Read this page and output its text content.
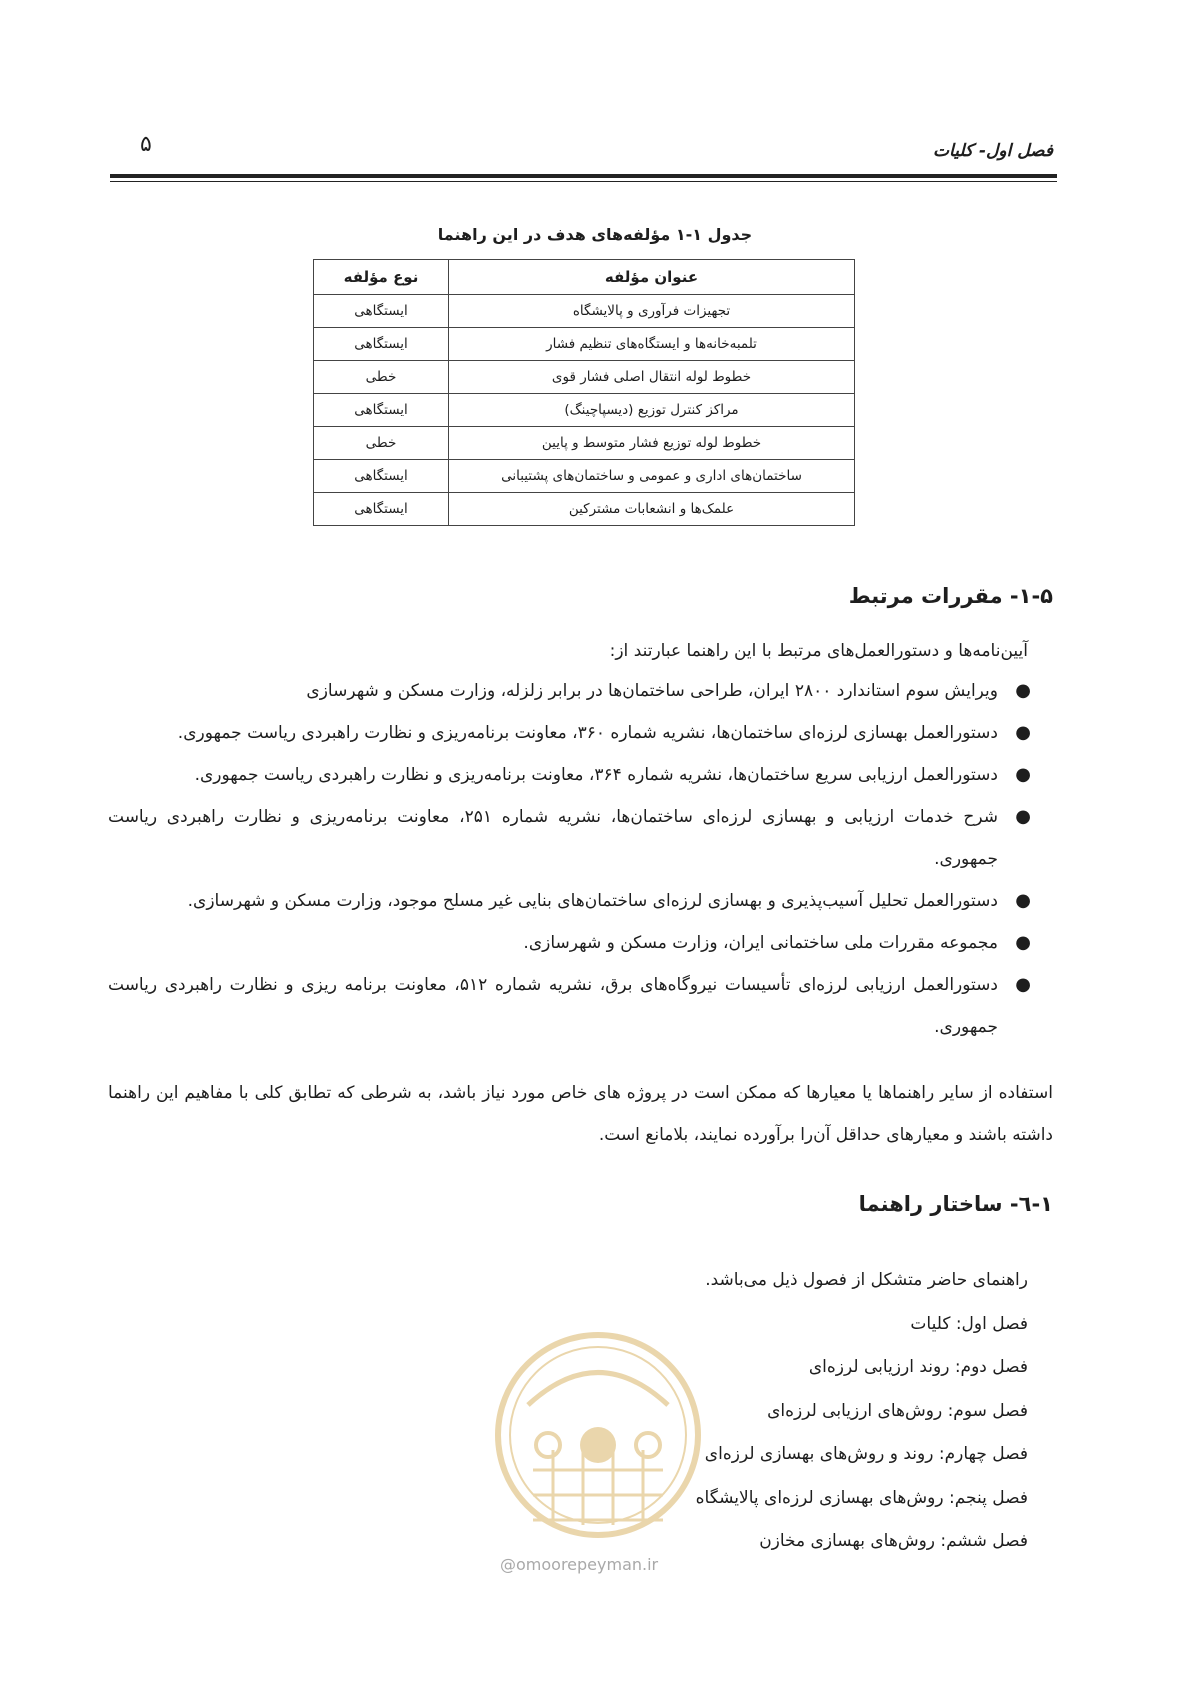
۵	فصل اول- کلیات
جدول ۱-۱ مؤلفه‌های هدف در این راهنما
عنوان مؤلفه	نوع مؤلفه
تجهیزات فرآوری و پالایشگاه	ایستگاهی
تلمبه‌خانه‌ها و ایستگاه‌های تنظیم فشار	ایستگاهی
خطوط لوله انتقال اصلی فشار قوی	خطی
مراکز کنترل توزیع (دیسپاچینگ)	ایستگاهی
خطوط لوله توزیع فشار متوسط و پایین	خطی
ساختمان‌های اداری و عمومی و ساختمان‌های پشتیبانی	ایستگاهی
علمک‌ها و انشعابات مشترکین	ایستگاهی
۱-۵- مقررات مرتبط
آیین‌نامه‌ها و دستورالعمل‌های مرتبط با این راهنما عبارتند از:
●
ویرایش سوم استاندارد ۲۸۰۰ ایران، طراحی ساختمان‌ها در برابر زلزله، وزارت مسکن و شهرسازی
●
دستورالعمل بهسازی لرزه‌ای ساختمان‌ها، نشریه شماره ۳۶۰، معاونت برنامه‌ریزی و نظارت راهبردی ریاست جمهوری.
●
دستورالعمل ارزیابی سریع ساختمان‌ها، نشریه شماره ۳۶۴، معاونت برنامه‌ریزی و نظارت راهبردی ریاست جمهوری.
●
شرح خدمات ارزیابی و بهسازی لرزه‌ای ساختمان‌ها، نشریه شماره ۲۵۱، معاونت برنامه‌ریزی و نظارت راهبردی ریاست جمهوری.
●
دستورالعمل تحلیل آسیب‌پذیری و بهسازی لرزه‌ای ساختمان‌های بنایی غیر مسلح موجود، وزارت مسکن و شهرسازی.
●
مجموعه مقررات ملی ساختمانی ایران، وزارت مسکن و شهرسازی.
●
دستورالعمل ارزیابی لرزه‌ای تأسیسات نیروگاه‌های برق، نشریه شماره ۵۱۲، معاونت برنامه ریزی و نظارت راهبردی ریاست جمهوری.
استفاده از سایر راهنماها یا معیارها که ممکن است در پروژه های خاص مورد نیاز باشد، به شرطی که تطابق کلی با مفاهیم این راهنما داشته باشند و معیارهای حداقل آن‌را برآورده نمایند، بلامانع است.
۱-٦- ساختار راهنما
راهنمای حاضر متشکل از فصول ذیل می‌باشد.
فصل اول: کلیات
فصل دوم: روند ارزیابی لرزه‌ای
فصل سوم: روش‌های ارزیابی لرزه‌ای
فصل چهارم: روند و روش‌های بهسازی لرزه‌ای
فصل پنجم: روش‌های بهسازی لرزه‌ای پالایشگاه
فصل ششم: روش‌های بهسازی مخازن
@omoorepeyman.ir
